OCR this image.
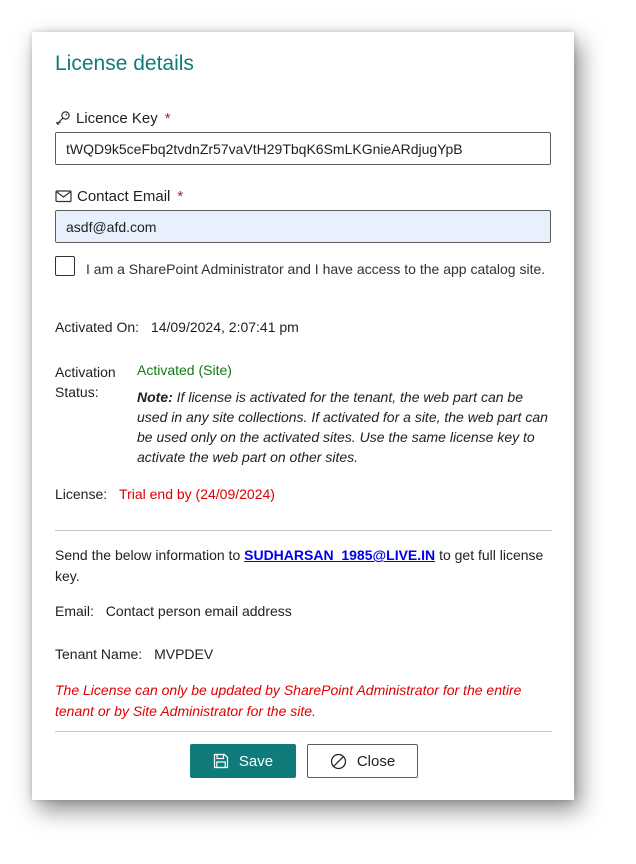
License details
Licence Key *
tWQD9k5ceFbq2tvdnZr57vaVtH29TbqK6SmLKGnieARdjugYpB
Contact Email *
asdf@afd.com
I am a SharePoint Administrator and I have access to the app catalog site.
Activated On: 14/09/2024, 2:07:41 pm
Activation Status:
Activated (Site)
Note: If license is activated for the tenant, the web part can be used in any site collections. If activated for a site, the web part can be used only on the activated sites. Use the same license key to activate the web part on other sites.
License: Trial end by (24/09/2024)
Send the below information to SUDHARSAN_1985@LIVE.IN to get full license key.
Email: Contact person email address
Tenant Name: MVPDEV
The License can only be updated by SharePoint Administrator for the entire tenant or by Site Administrator for the site.
Save	Close
